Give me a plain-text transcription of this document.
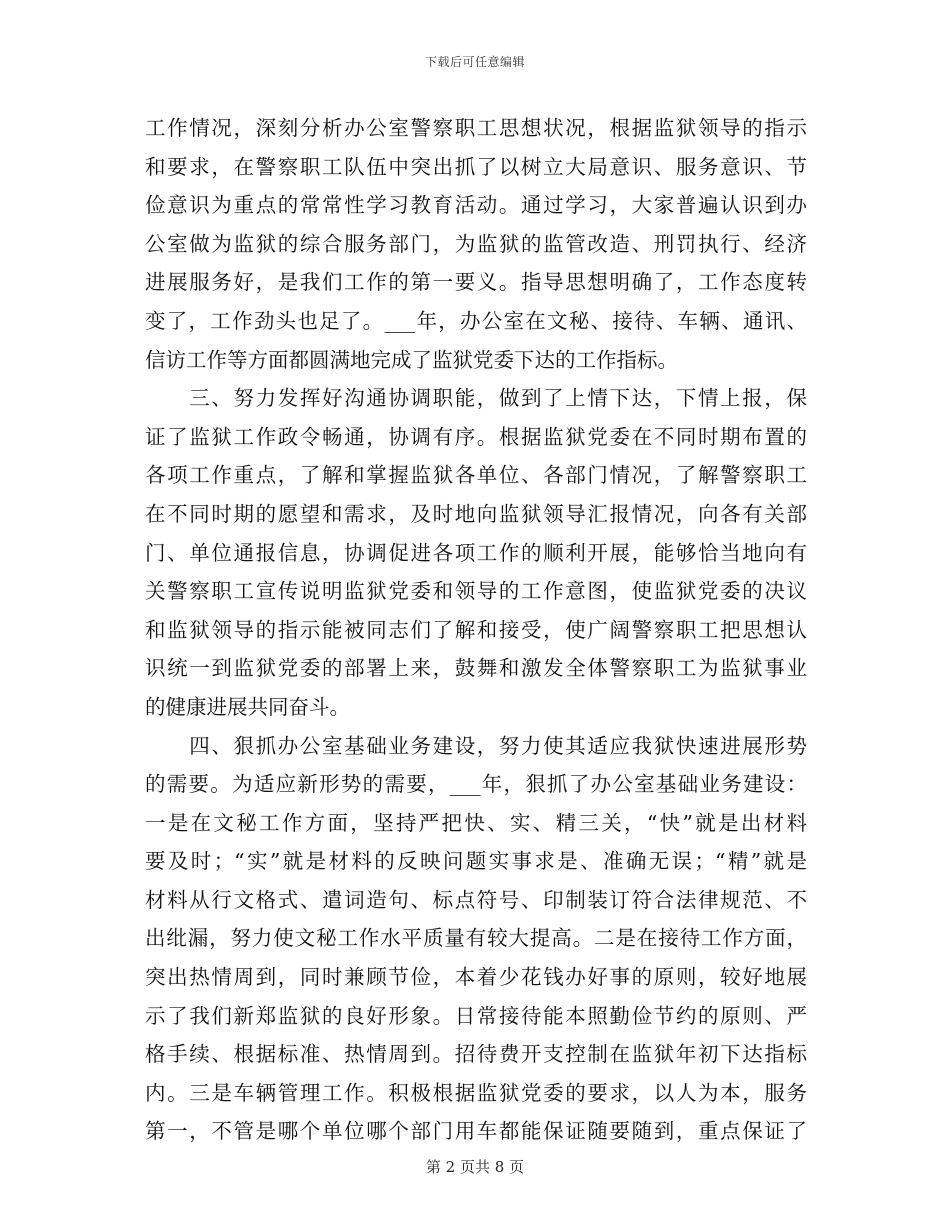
下载后可任意编辑
工作情况，深刻分析办公室警察职工思想状况，根据监狱领导的指示
和要求，在警察职工队伍中突出抓了以树立大局意识、服务意识、节
俭意识为重点的常常性学习教育活动。通过学习，大家普遍认识到办
公室做为监狱的综合服务部门，为监狱的监管改造、刑罚执行、经济
进展服务好，是我们工作的第一要义。指导思想明确了，工作态度转
变了，工作劲头也足了。___年，办公室在文秘、接待、车辆、通讯、
信访工作等方面都圆满地完成了监狱党委下达的工作指标。
　　三、努力发挥好沟通协调职能，做到了上情下达，下情上报，保
证了监狱工作政令畅通，协调有序。根据监狱党委在不同时期布置的
各项工作重点，了解和掌握监狱各单位、各部门情况，了解警察职工
在不同时期的愿望和需求，及时地向监狱领导汇报情况，向各有关部
门、单位通报信息，协调促进各项工作的顺利开展，能够恰当地向有
关警察职工宣传说明监狱党委和领导的工作意图，使监狱党委的决议
和监狱领导的指示能被同志们了解和接受，使广阔警察职工把思想认
识统一到监狱党委的部署上来，鼓舞和激发全体警察职工为监狱事业
的健康进展共同奋斗。
　　四、狠抓办公室基础业务建设，努力使其适应我狱快速进展形势
的需要。为适应新形势的需要，___年，狠抓了办公室基础业务建设：
一是在文秘工作方面，坚持严把快、实、精三关，“快”就是出材料
要及时；“实”就是材料的反映问题实事求是、准确无误；“精”就是
材料从行文格式、遣词造句、标点符号、印制装订符合法律规范、不
出纰漏，努力使文秘工作水平质量有较大提高。二是在接待工作方面，
突出热情周到，同时兼顾节俭，本着少花钱办好事的原则，较好地展
示了我们新郑监狱的良好形象。日常接待能本照勤俭节约的原则、严
格手续、根据标准、热情周到。招待费开支控制在监狱年初下达指标
内。三是车辆管理工作。积极根据监狱党委的要求，以人为本，服务
第一，不管是哪个单位哪个部门用车都能保证随要随到，重点保证了
第 2 页共 8 页
